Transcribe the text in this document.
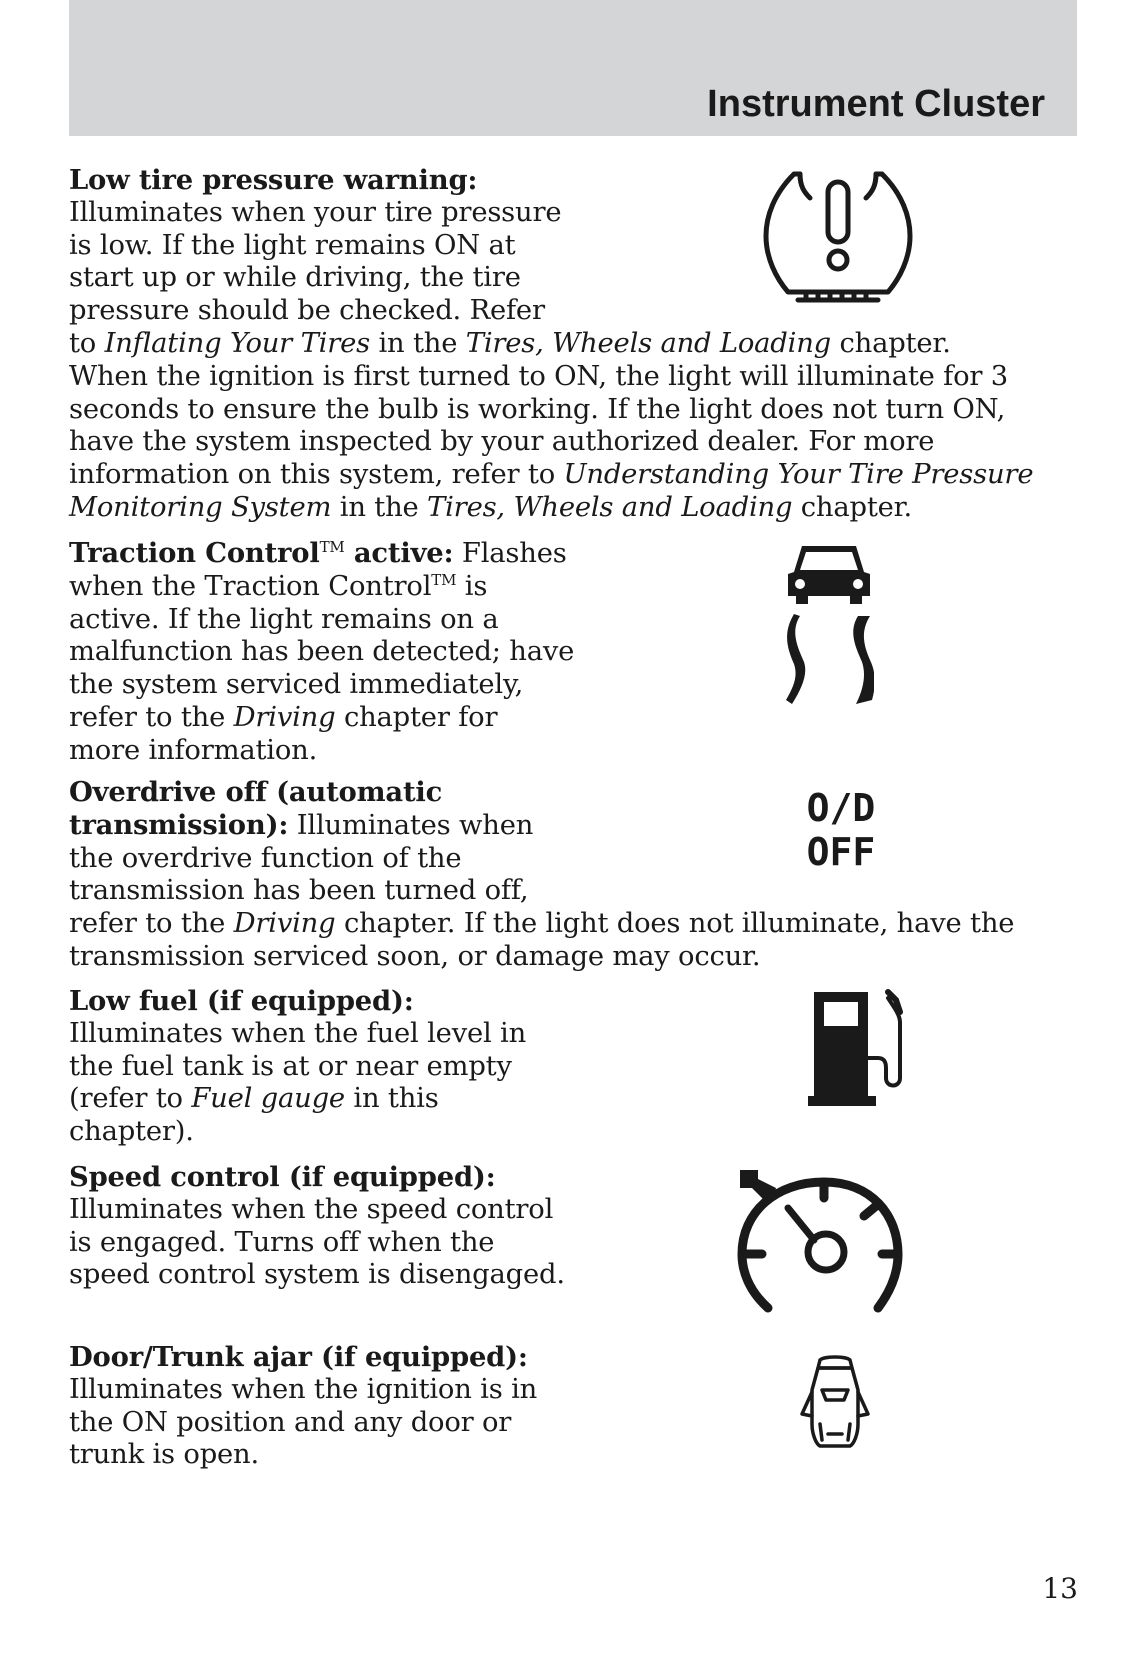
Instrument Cluster
Low tire pressure warning:
Illuminates when your tire pressure
is low. If the light remains ON at
start up or while driving, the tire
pressure should be checked. Refer
to Inflating Your Tires in the Tires, Wheels and Loading chapter.
When the ignition is first turned to ON, the light will illuminate for 3
seconds to ensure the bulb is working. If the light does not turn ON,
have the system inspected by your authorized dealer. For more
information on this system, refer to Understanding Your Tire Pressure
Monitoring System in the Tires, Wheels and Loading chapter.
Traction Control™ active: Flashes
when the Traction Control™ is
active. If the light remains on a
malfunction has been detected; have
the system serviced immediately,
refer to the Driving chapter for
more information.
Overdrive off (automatic
transmission): Illuminates when
the overdrive function of the
transmission has been turned off,
refer to the Driving chapter. If the light does not illuminate, have the
transmission serviced soon, or damage may occur.
O/D
OFF
Low fuel (if equipped):
Illuminates when the fuel level in
the fuel tank is at or near empty
(refer to Fuel gauge in this
chapter).
Speed control (if equipped):
Illuminates when the speed control
is engaged. Turns off when the
speed control system is disengaged.
Door/Trunk ajar (if equipped):
Illuminates when the ignition is in
the ON position and any door or
trunk is open.
13
